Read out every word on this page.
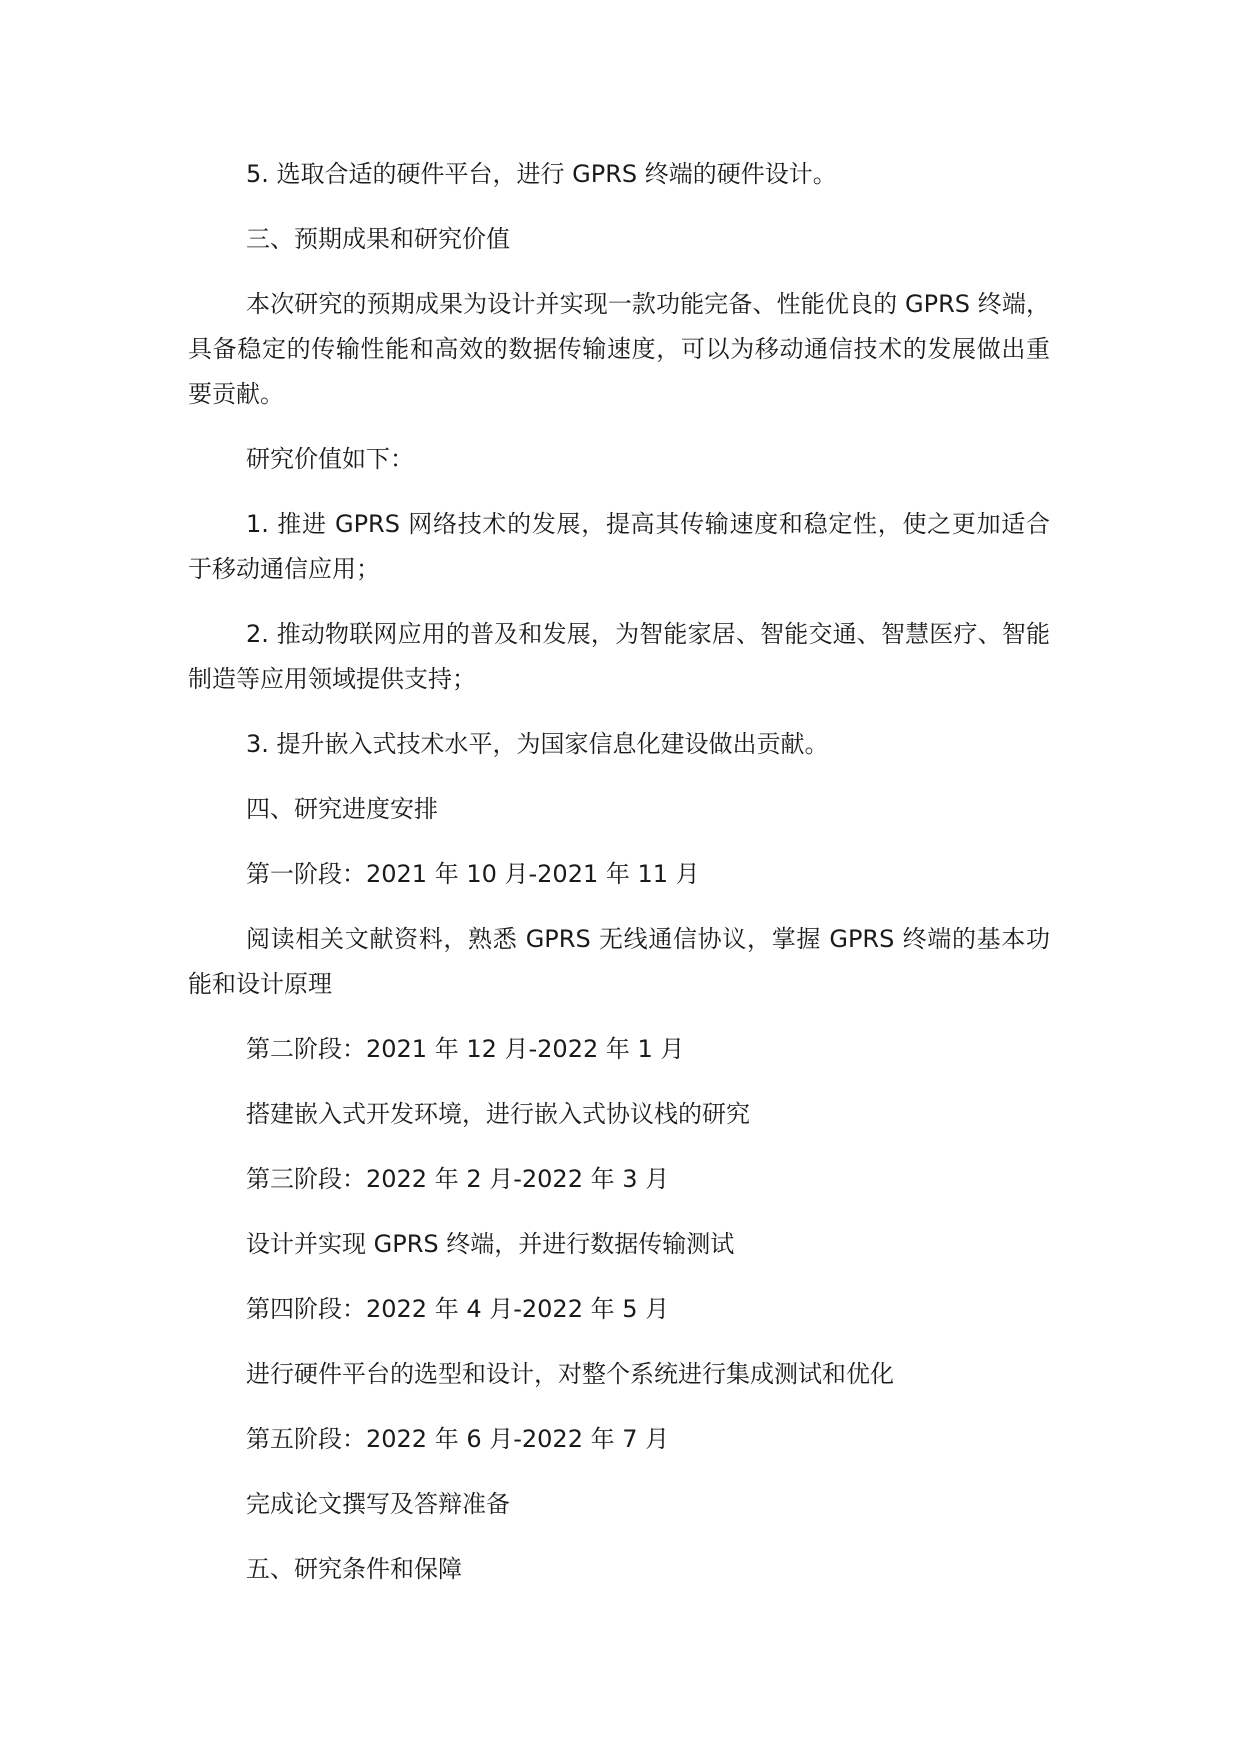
5. 选取合适的硬件平台，进行 GPRS 终端的硬件设计。

三、预期成果和研究价值

本次研究的预期成果为设计并实现一款功能完备、性能优良的 GPRS 终端，具备稳定的传输性能和高效的数据传输速度，可以为移动通信技术的发展做出重要贡献。

研究价值如下：

1. 推进 GPRS 网络技术的发展，提高其传输速度和稳定性，使之更加适合于移动通信应用；

2. 推动物联网应用的普及和发展，为智能家居、智能交通、智慧医疗、智能制造等应用领域提供支持；

3. 提升嵌入式技术水平，为国家信息化建设做出贡献。

四、研究进度安排

第一阶段：2021 年 10 月-2021 年 11 月

阅读相关文献资料，熟悉 GPRS 无线通信协议，掌握 GPRS 终端的基本功能和设计原理

第二阶段：2021 年 12 月-2022 年 1 月

搭建嵌入式开发环境，进行嵌入式协议栈的研究

第三阶段：2022 年 2 月-2022 年 3 月

设计并实现 GPRS 终端，并进行数据传输测试

第四阶段：2022 年 4 月-2022 年 5 月

进行硬件平台的选型和设计，对整个系统进行集成测试和优化

第五阶段：2022 年 6 月-2022 年 7 月

完成论文撰写及答辩准备

五、研究条件和保障
